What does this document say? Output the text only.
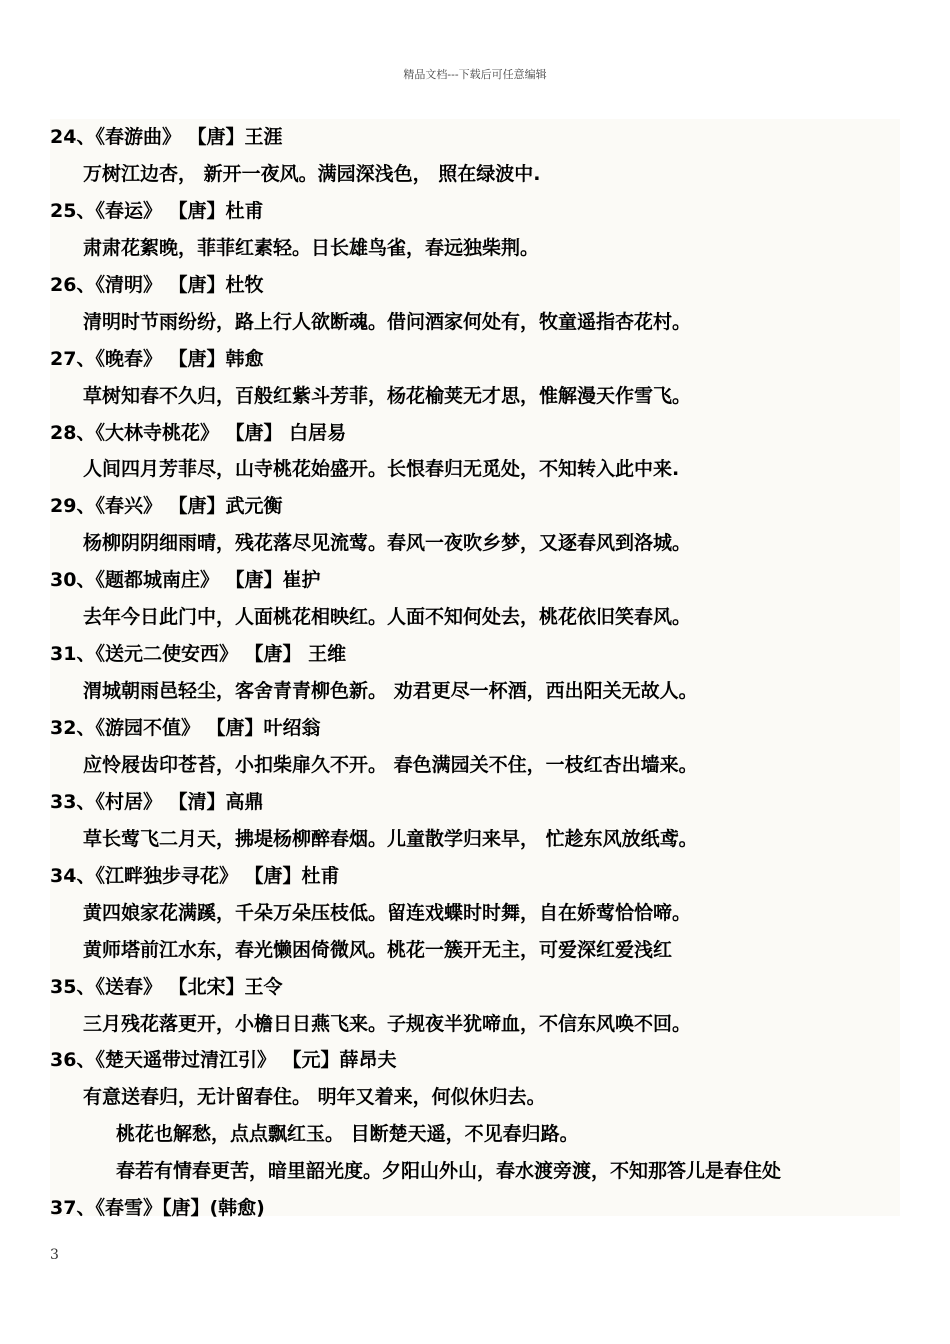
精品文档---下载后可任意编辑
24、《春游曲》 【唐】王涯
万树江边杏， 新开一夜风。满园深浅色， 照在绿波中.
25、《春运》 【唐】杜甫
肃肃花絮晚，菲菲红素轻。日长雄鸟雀，春远独柴荆。
26、《清明》 【唐】杜牧
清明时节雨纷纷，路上行人欲断魂。借问酒家何处有，牧童遥指杏花村。
27、《晚春》 【唐】韩愈
草树知春不久归，百般红紫斗芳菲，杨花榆荚无才思，惟解漫天作雪飞。
28、《大林寺桃花》 【唐】 白居易
人间四月芳菲尽，山寺桃花始盛开。长恨春归无觅处，不知转入此中来.
29、《春兴》 【唐】武元衡
杨柳阴阴细雨晴，残花落尽见流莺。春风一夜吹乡梦，又逐春风到洛城。
30、《题都城南庄》 【唐】崔护
去年今日此门中，人面桃花相映红。人面不知何处去，桃花依旧笑春风。
31、《送元二使安西》 【唐】 王维
渭城朝雨邑轻尘，客舍青青柳色新。 劝君更尽一杯酒，西出阳关无故人。
32、《游园不值》 【唐】叶绍翁
应怜屐齿印苍苔，小扣柴扉久不开。 春色满园关不住，一枝红杏出墙来。
33、《村居》 【清】高鼎
草长莺飞二月天，拂堤杨柳醉春烟。儿童散学归来早， 忙趁东风放纸鸢。
34、《江畔独步寻花》 【唐】杜甫
黄四娘家花满蹊，千朵万朵压枝低。留连戏蝶时时舞，自在娇莺恰恰啼。
黄师塔前江水东，春光懒困倚微风。桃花一簇开无主，可爱深红爱浅红
35、《送春》 【北宋】王令
三月残花落更开，小檐日日燕飞来。子规夜半犹啼血，不信东风唤不回。
36、《楚天遥带过清江引》 【元】薛昂夫
有意送春归，无计留春住。 明年又着来，何似休归去。
桃花也解愁，点点飘红玉。 目断楚天遥，不见春归路。
春若有情春更苦，暗里韶光度。夕阳山外山，春水渡旁渡，不知那答儿是春住处
37、《春雪》【唐】(韩愈)
3
